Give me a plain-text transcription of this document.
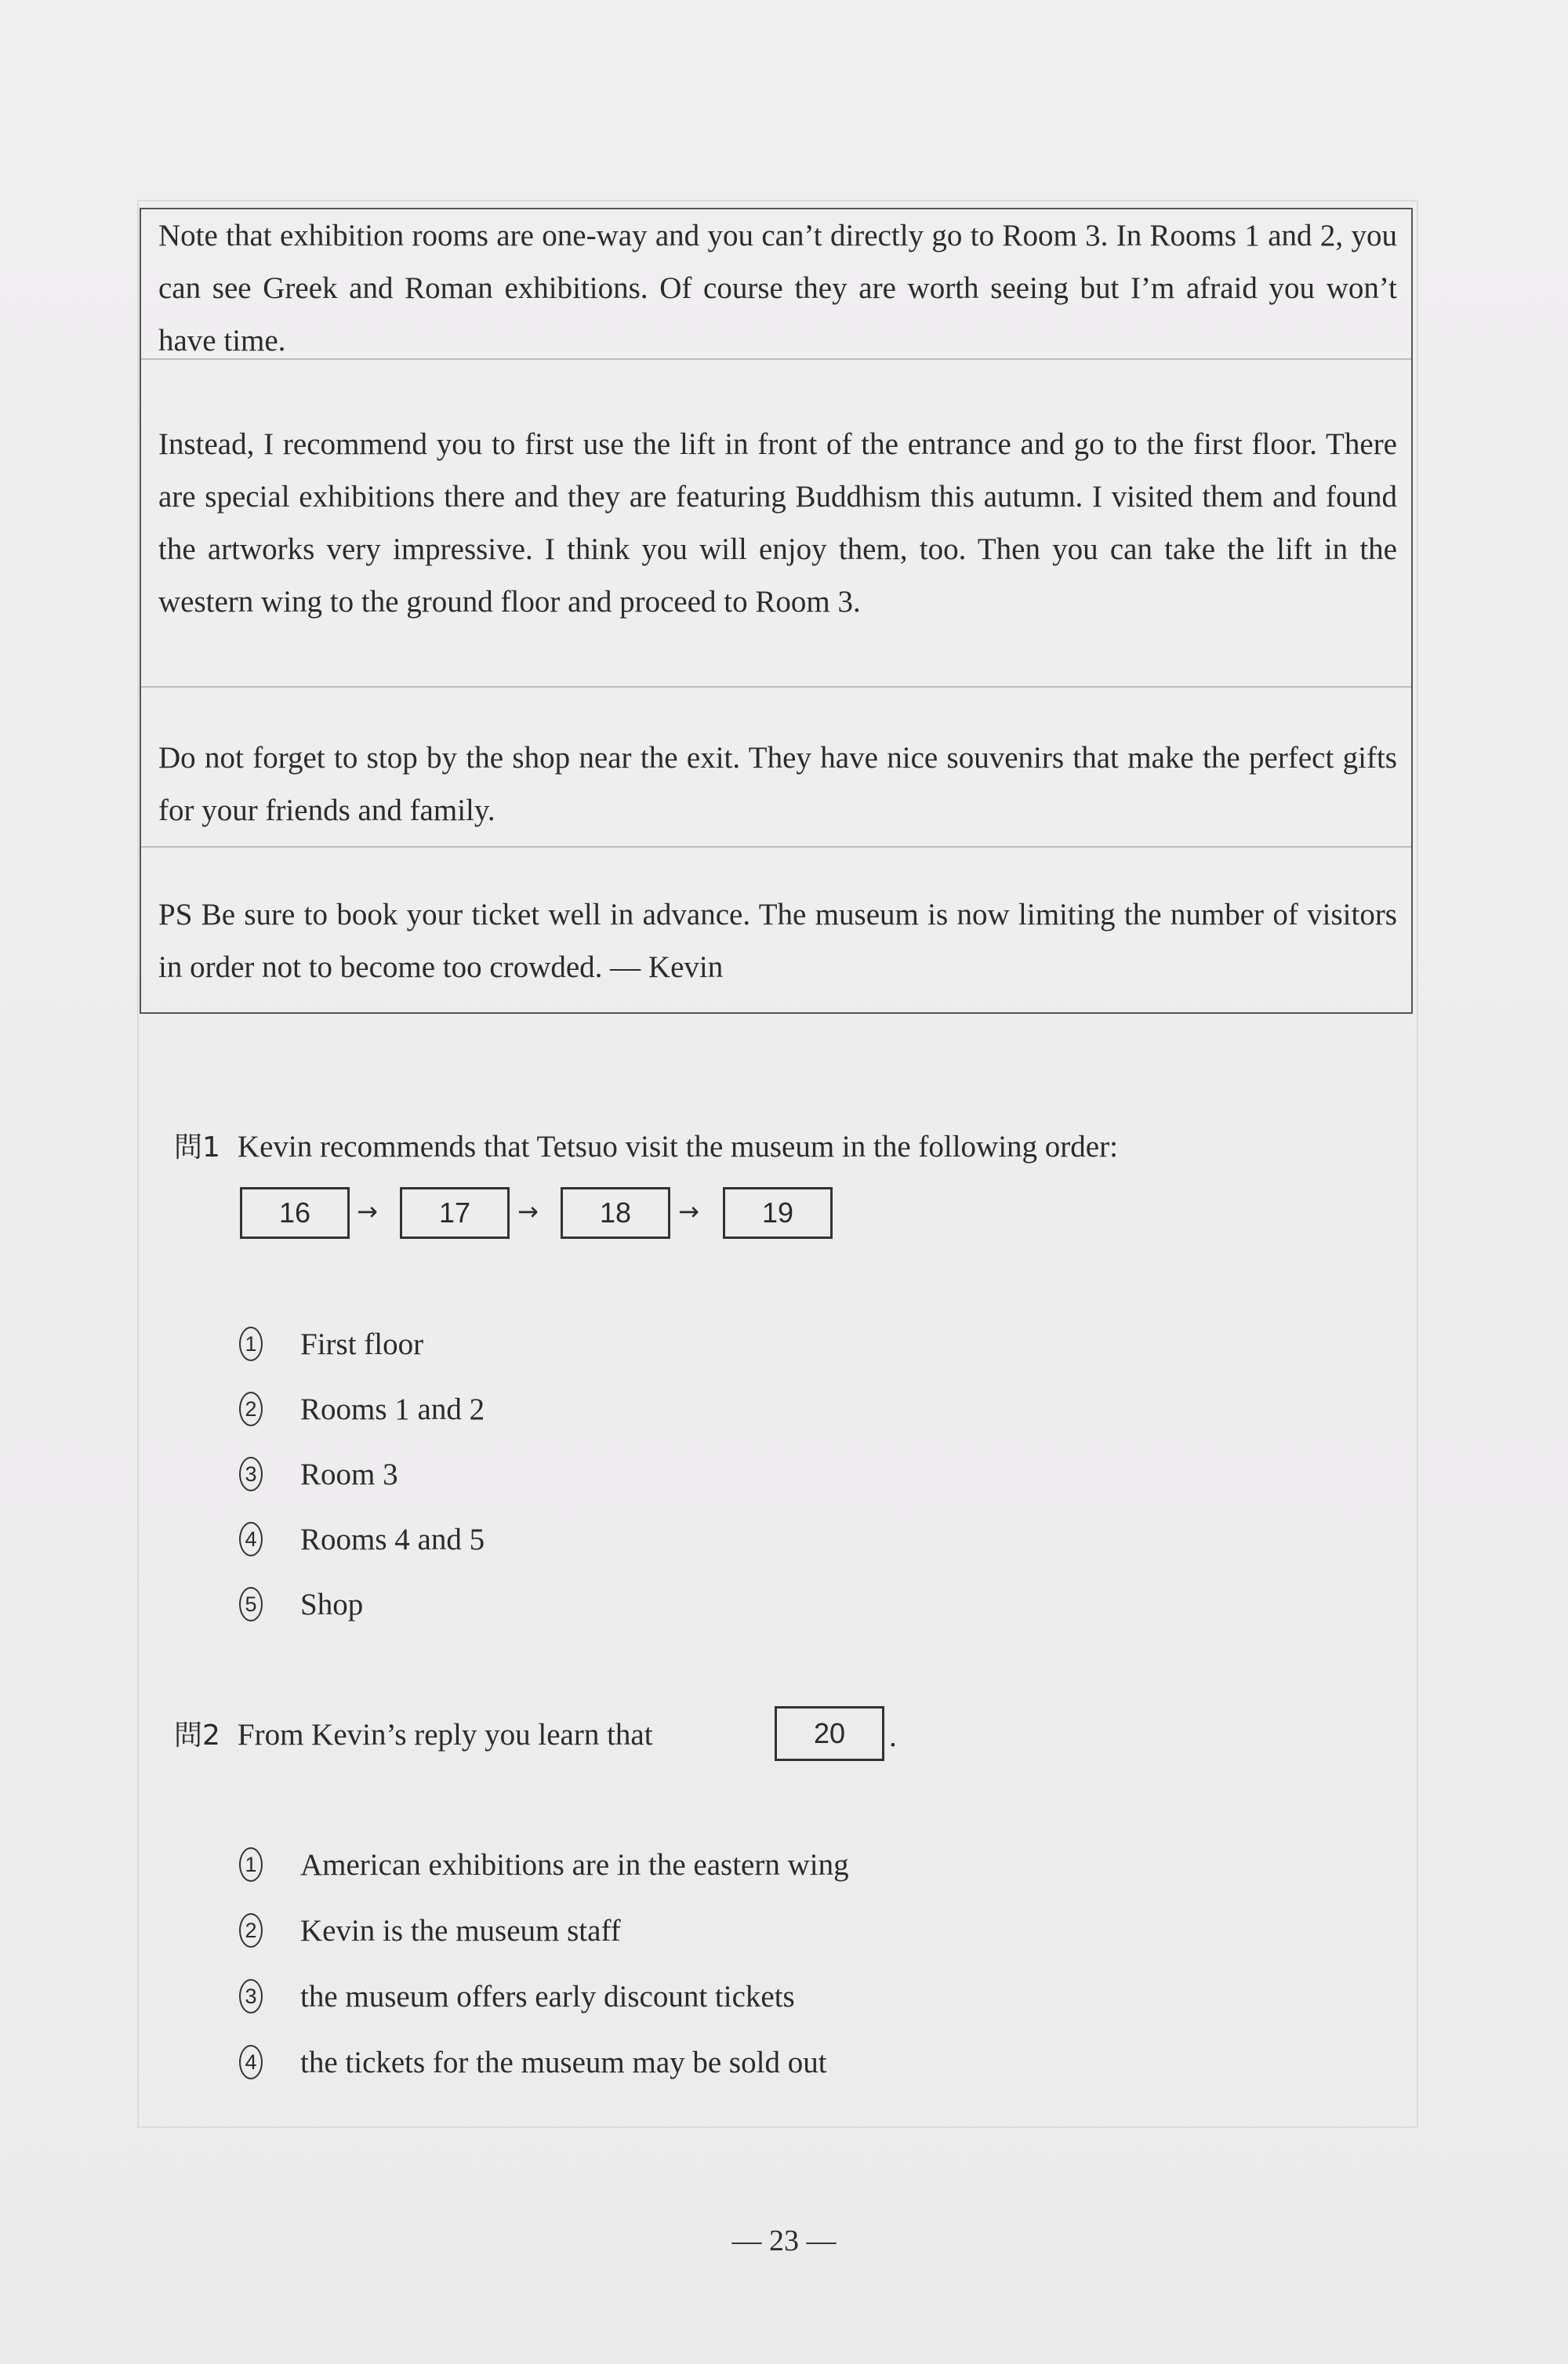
Note that exhibition rooms are one-way and you can’t directly go to Room 3. In Rooms 1 and 2, you can see Greek and Roman exhibitions. Of course they are worth seeing but I’m afraid you won’t have time.

Instead, I recommend you to first use the lift in front of the entrance and go to the first floor. There are special exhibitions there and they are featuring Buddhism this autumn. I visited them and found the artworks very impressive. I think you will enjoy them, too. Then you can take the lift in the western wing to the ground floor and proceed to Room 3.

Do not forget to stop by the shop near the exit. They have nice souvenirs that make the perfect gifts for your friends and family.

PS Be sure to book your ticket well in advance. The museum is now limiting the number of visitors in order not to become too crowded. — Kevin

問1 Kevin recommends that Tetsuo visit the museum in the following order:
16	→	17	→	18	→	19
1 First floor
2 Rooms 1 and 2
3 Room 3
4 Rooms 4 and 5
5 Shop
問2 From Kevin’s reply you learn that	20	.
1 American exhibitions are in the eastern wing
2 Kevin is the museum staff
3 the museum offers early discount tickets
4 the tickets for the museum may be sold out
— 23 —
